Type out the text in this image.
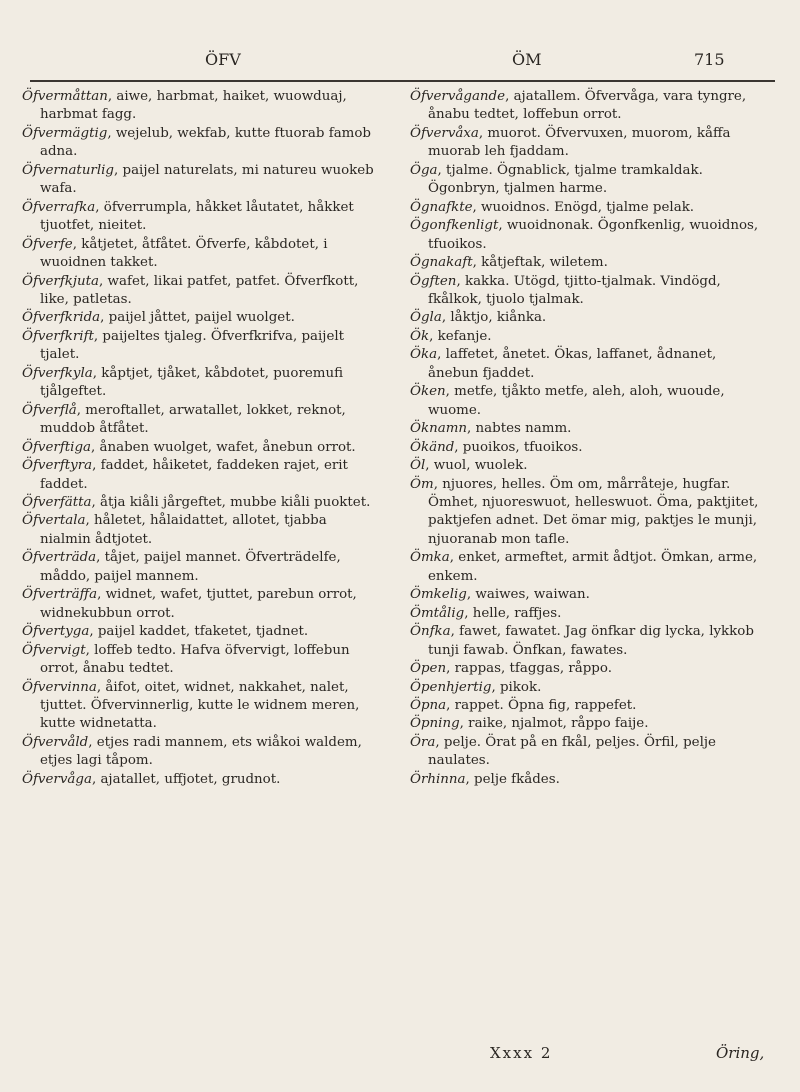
ÖFV	ÖM	715

Öfvermåttan, aiwe, harbmat, haiket, wuowduaj, harbmat fagg.

Öfvermägtig, wejelub, wekfab, kutte ftuorab famob adna.

Öfvernaturlig, paijel naturelats, mi natureu wuokeb wafa.

Öfverrafka, öfverrumpla, håkket låutatet, håkket tjuotfet, nieitet.

Öfverfe, kåtjetet, åtfåtet. Öfverfe, kåbdotet, i wuoidnen takket.

Öfverfkjuta, wafet, likai patfet, patfet. Öfverfkott, like, patletas.

Öfverfkrida, paijel jåttet, paijel wuolget.

Öfverfkrift, paijeltes tjaleg. Öfverfkrifva, paijelt tjalet.

Öfverfkyla, kåptjet, tjåket, kåbdotet, puoremufi tjålgeftet.

Öfverflå, meroftallet, arwatallet, lokket, reknot, muddob åtfåtet.

Öfverftiga, ånaben wuolget, wafet, ånebun orrot.

Öfverftyra, faddet, håiketet, faddeken rajet, erit faddet.

Öfverfätta, åtja kiåli jårgeftet, mubbe kiåli puoktet.

Öfvertala, håletet, hålaidattet, allotet, tjabba nialmin ådtjotet.

Öfverträda, tåjet, paijel mannet. Öfverträdelfe, måddo, paijel mannem.

Öfverträffa, widnet, wafet, tjuttet, parebun orrot, widnekubbun orrot.

Öfvertyga, paijel kaddet, tfaketet, tjadnet.

Öfvervigt, loffeb tedto. Hafva öfvervigt, loffebun orrot, ånabu tedtet.

Öfvervinna, åifot, oitet, widnet, nakkahet, nalet, tjuttet. Öfvervinnerlig, kutte le widnem meren, kutte widnetatta.

Öfvervåld, etjes radi mannem, ets wiåkoi waldem, etjes lagi tåpom.

Öfvervåga, ajatallet, uffjotet, grudnot.

Öfvervågande, ajatallem. Öfvervåga, vara tyngre, ånabu tedtet, loffebun orrot.

Öfvervåxa, muorot. Öfvervuxen, muorom, kåffa muorab leh fjaddam.

Öga, tjalme. Ögnablick, tjalme tramkaldak. Ögonbryn, tjalmen harme.

Ögnafkte, wuoidnos. Enögd, tjalme pelak.

Ögonfkenligt, wuoidnonak. Ögonfkenlig, wuoidnos, tfuoikos.

Ögnakaft, kåtjeftak, wiletem.

Ögften, kakka. Utögd, tjitto-tjalmak. Vindögd, fkålkok, tjuolo tjalmak.

Ögla, låktjo, kiånka.

Ök, kefanje.

Öka, laffetet, ånetet. Ökas, laffanet, ådnanet, ånebun fjaddet.

Öken, metfe, tjåkto metfe, aleh, aloh, wuoude, wuome.

Öknamn, nabtes namm.

Ökänd, puoikos, tfuoikos.

Öl, wuol, wuolek.

Öm, njuores, helles. Öm om, mårråteje, hugfar. Ömhet, njuoreswuot, helleswuot. Öma, paktjitet, paktjefen adnet. Det ömar mig, paktjes le munji, njuoranab mon tafle.

Ömka, enket, armeftet, armit ådtjot. Ömkan, arme, enkem.

Ömkelig, waiwes, waiwan.

Ömtålig, helle, raffjes.

Önfka, fawet, fawatet. Jag önfkar dig lycka, lykkob tunji fawab. Önfkan, fawates.

Öpen, rappas, tfaggas, råppo.

Öpenhjertig, pikok.

Öpna, rappet. Öpna fig, rappefet.

Öpning, raike, njalmot, råppo faije.

Öra, pelje. Örat på en fkål, peljes. Örfil, pelje naulates.

Örhinna, pelje fkådes.

Xxxx 2	Öring,
